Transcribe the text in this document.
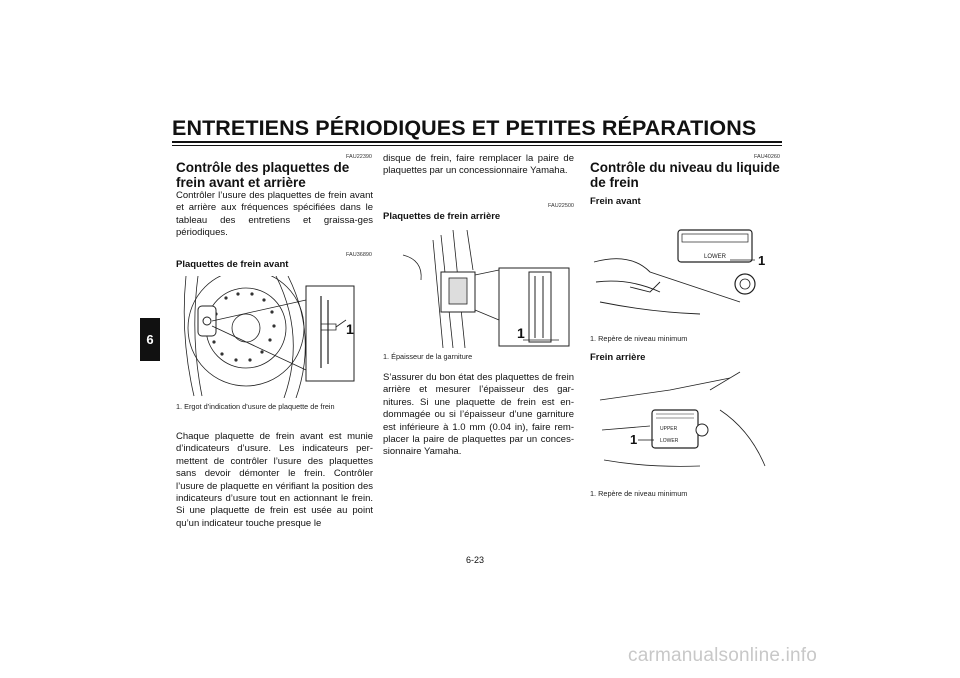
ENTRETIENS PÉRIODIQUES ET PETITES RÉPARATIONS
6
FAU22390
Contrôle des plaquettes de frein avant et arrière
Contrôler l’usure des plaquettes de frein avant et arrière aux fréquences spécifiées dans le tableau des entretiens et graissa-ges périodiques.
FAU36890
Plaquettes de frein avant
1
1. Ergot d’indication d’usure de plaquette de frein
Chaque plaquette de frein avant est munie d’indicateurs d’usure. Les indicateurs per-mettent de contrôler l’usure des plaquettes sans devoir démonter le frein. Contrôler l’usure de plaquette en vérifiant la position des indicateurs d’usure tout en actionnant le frein. Si une plaquette de frein est usée au point qu’un indicateur touche presque le
disque de frein, faire remplacer la paire de plaquettes par un concessionnaire Yamaha.
FAU22500
Plaquettes de frein arrière
1
1. Épaisseur de la garniture
S’assurer du bon état des plaquettes de frein arrière et mesurer l’épaisseur des gar-nitures. Si une plaquette de frein est en-dommagée ou si l’épaisseur d’une garniture est inférieure à 1.0 mm (0.04 in), faire rem-placer la paire de plaquettes par un conces-sionnaire Yamaha.
FAU40260
Contrôle du niveau du liquide de frein
Frein avant
LOWER 1
1. Repère de niveau minimum
Frein arrière
UPPER
LOWER
1
1. Repère de niveau minimum
6-23
carmanualsonline.info
